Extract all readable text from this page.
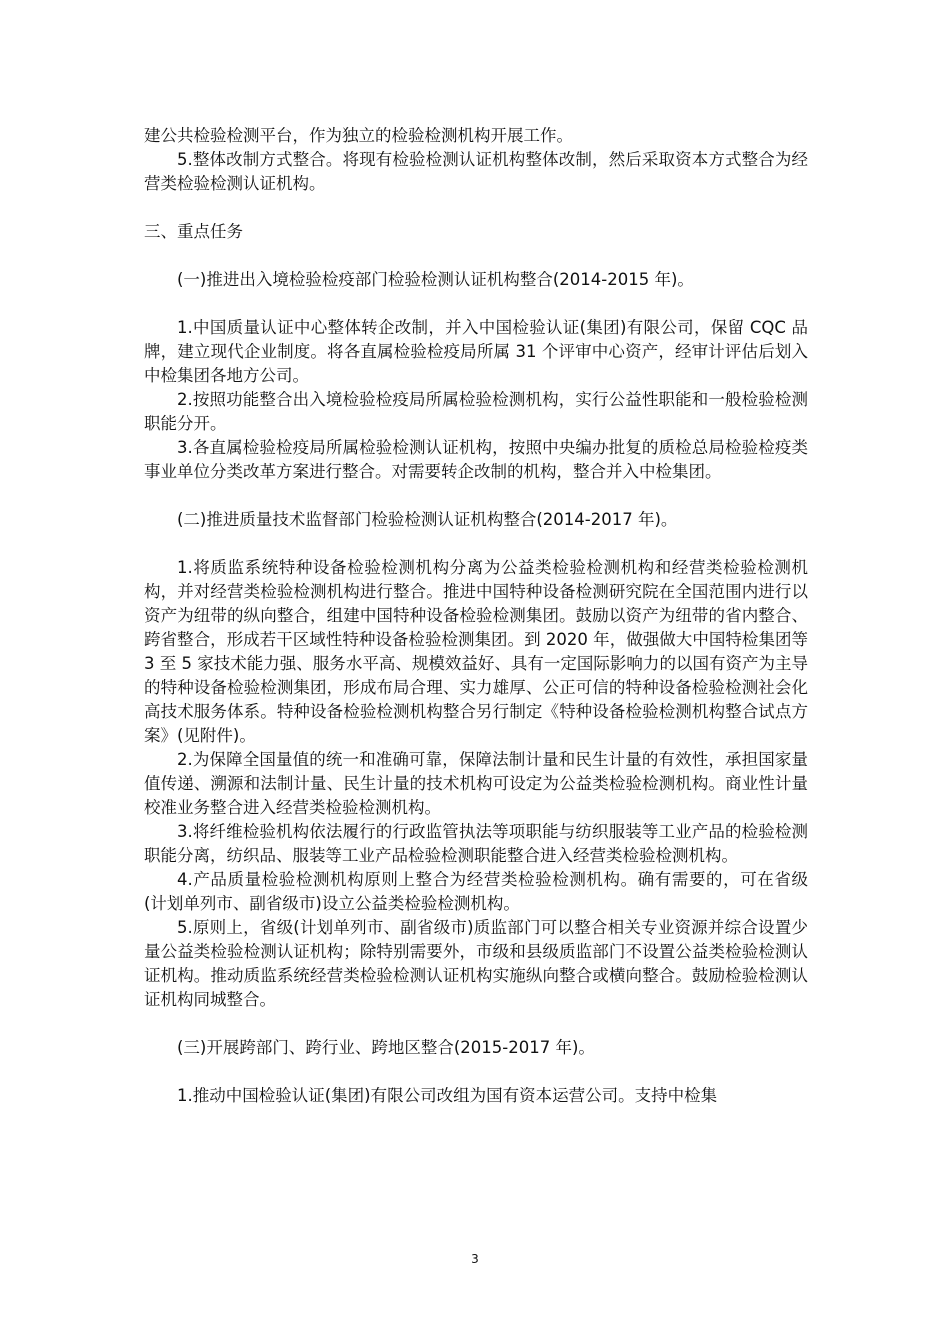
建公共检验检测平台，作为独立的检验检测机构开展工作。

5.整体改制方式整合。将现有检验检测认证机构整体改制，然后采取资本方式整合为经营类检验检测认证机构。

三、重点任务

(一)推进出入境检验检疫部门检验检测认证机构整合(2014-2015 年)。

1.中国质量认证中心整体转企改制，并入中国检验认证(集团)有限公司，保留 CQC 品牌，建立现代企业制度。将各直属检验检疫局所属 31 个评审中心资产，经审计评估后划入中检集团各地方公司。

2.按照功能整合出入境检验检疫局所属检验检测机构，实行公益性职能和一般检验检测职能分开。

3.各直属检验检疫局所属检验检测认证机构，按照中央编办批复的质检总局检验检疫类事业单位分类改革方案进行整合。对需要转企改制的机构，整合并入中检集团。

(二)推进质量技术监督部门检验检测认证机构整合(2014-2017 年)。

1.将质监系统特种设备检验检测机构分离为公益类检验检测机构和经营类检验检测机构，并对经营类检验检测机构进行整合。推进中国特种设备检测研究院在全国范围内进行以资产为纽带的纵向整合，组建中国特种设备检验检测集团。鼓励以资产为纽带的省内整合、跨省整合，形成若干区域性特种设备检验检测集团。到 2020 年，做强做大中国特检集团等 3 至 5 家技术能力强、服务水平高、规模效益好、具有一定国际影响力的以国有资产为主导的特种设备检验检测集团，形成布局合理、实力雄厚、公正可信的特种设备检验检测社会化高技术服务体系。特种设备检验检测机构整合另行制定《特种设备检验检测机构整合试点方案》(见附件)。

2.为保障全国量值的统一和准确可靠，保障法制计量和民生计量的有效性，承担国家量值传递、溯源和法制计量、民生计量的技术机构可设定为公益类检验检测机构。商业性计量校准业务整合进入经营类检验检测机构。

3.将纤维检验机构依法履行的行政监管执法等项职能与纺织服装等工业产品的检验检测职能分离，纺织品、服装等工业产品检验检测职能整合进入经营类检验检测机构。

4.产品质量检验检测机构原则上整合为经营类检验检测机构。确有需要的，可在省级(计划单列市、副省级市)设立公益类检验检测机构。

5.原则上，省级(计划单列市、副省级市)质监部门可以整合相关专业资源并综合设置少量公益类检验检测认证机构；除特别需要外，市级和县级质监部门不设置公益类检验检测认证机构。推动质监系统经营类检验检测认证机构实施纵向整合或横向整合。鼓励检验检测认证机构同城整合。

(三)开展跨部门、跨行业、跨地区整合(2015-2017 年)。

1.推动中国检验认证(集团)有限公司改组为国有资本运营公司。支持中检集

3
